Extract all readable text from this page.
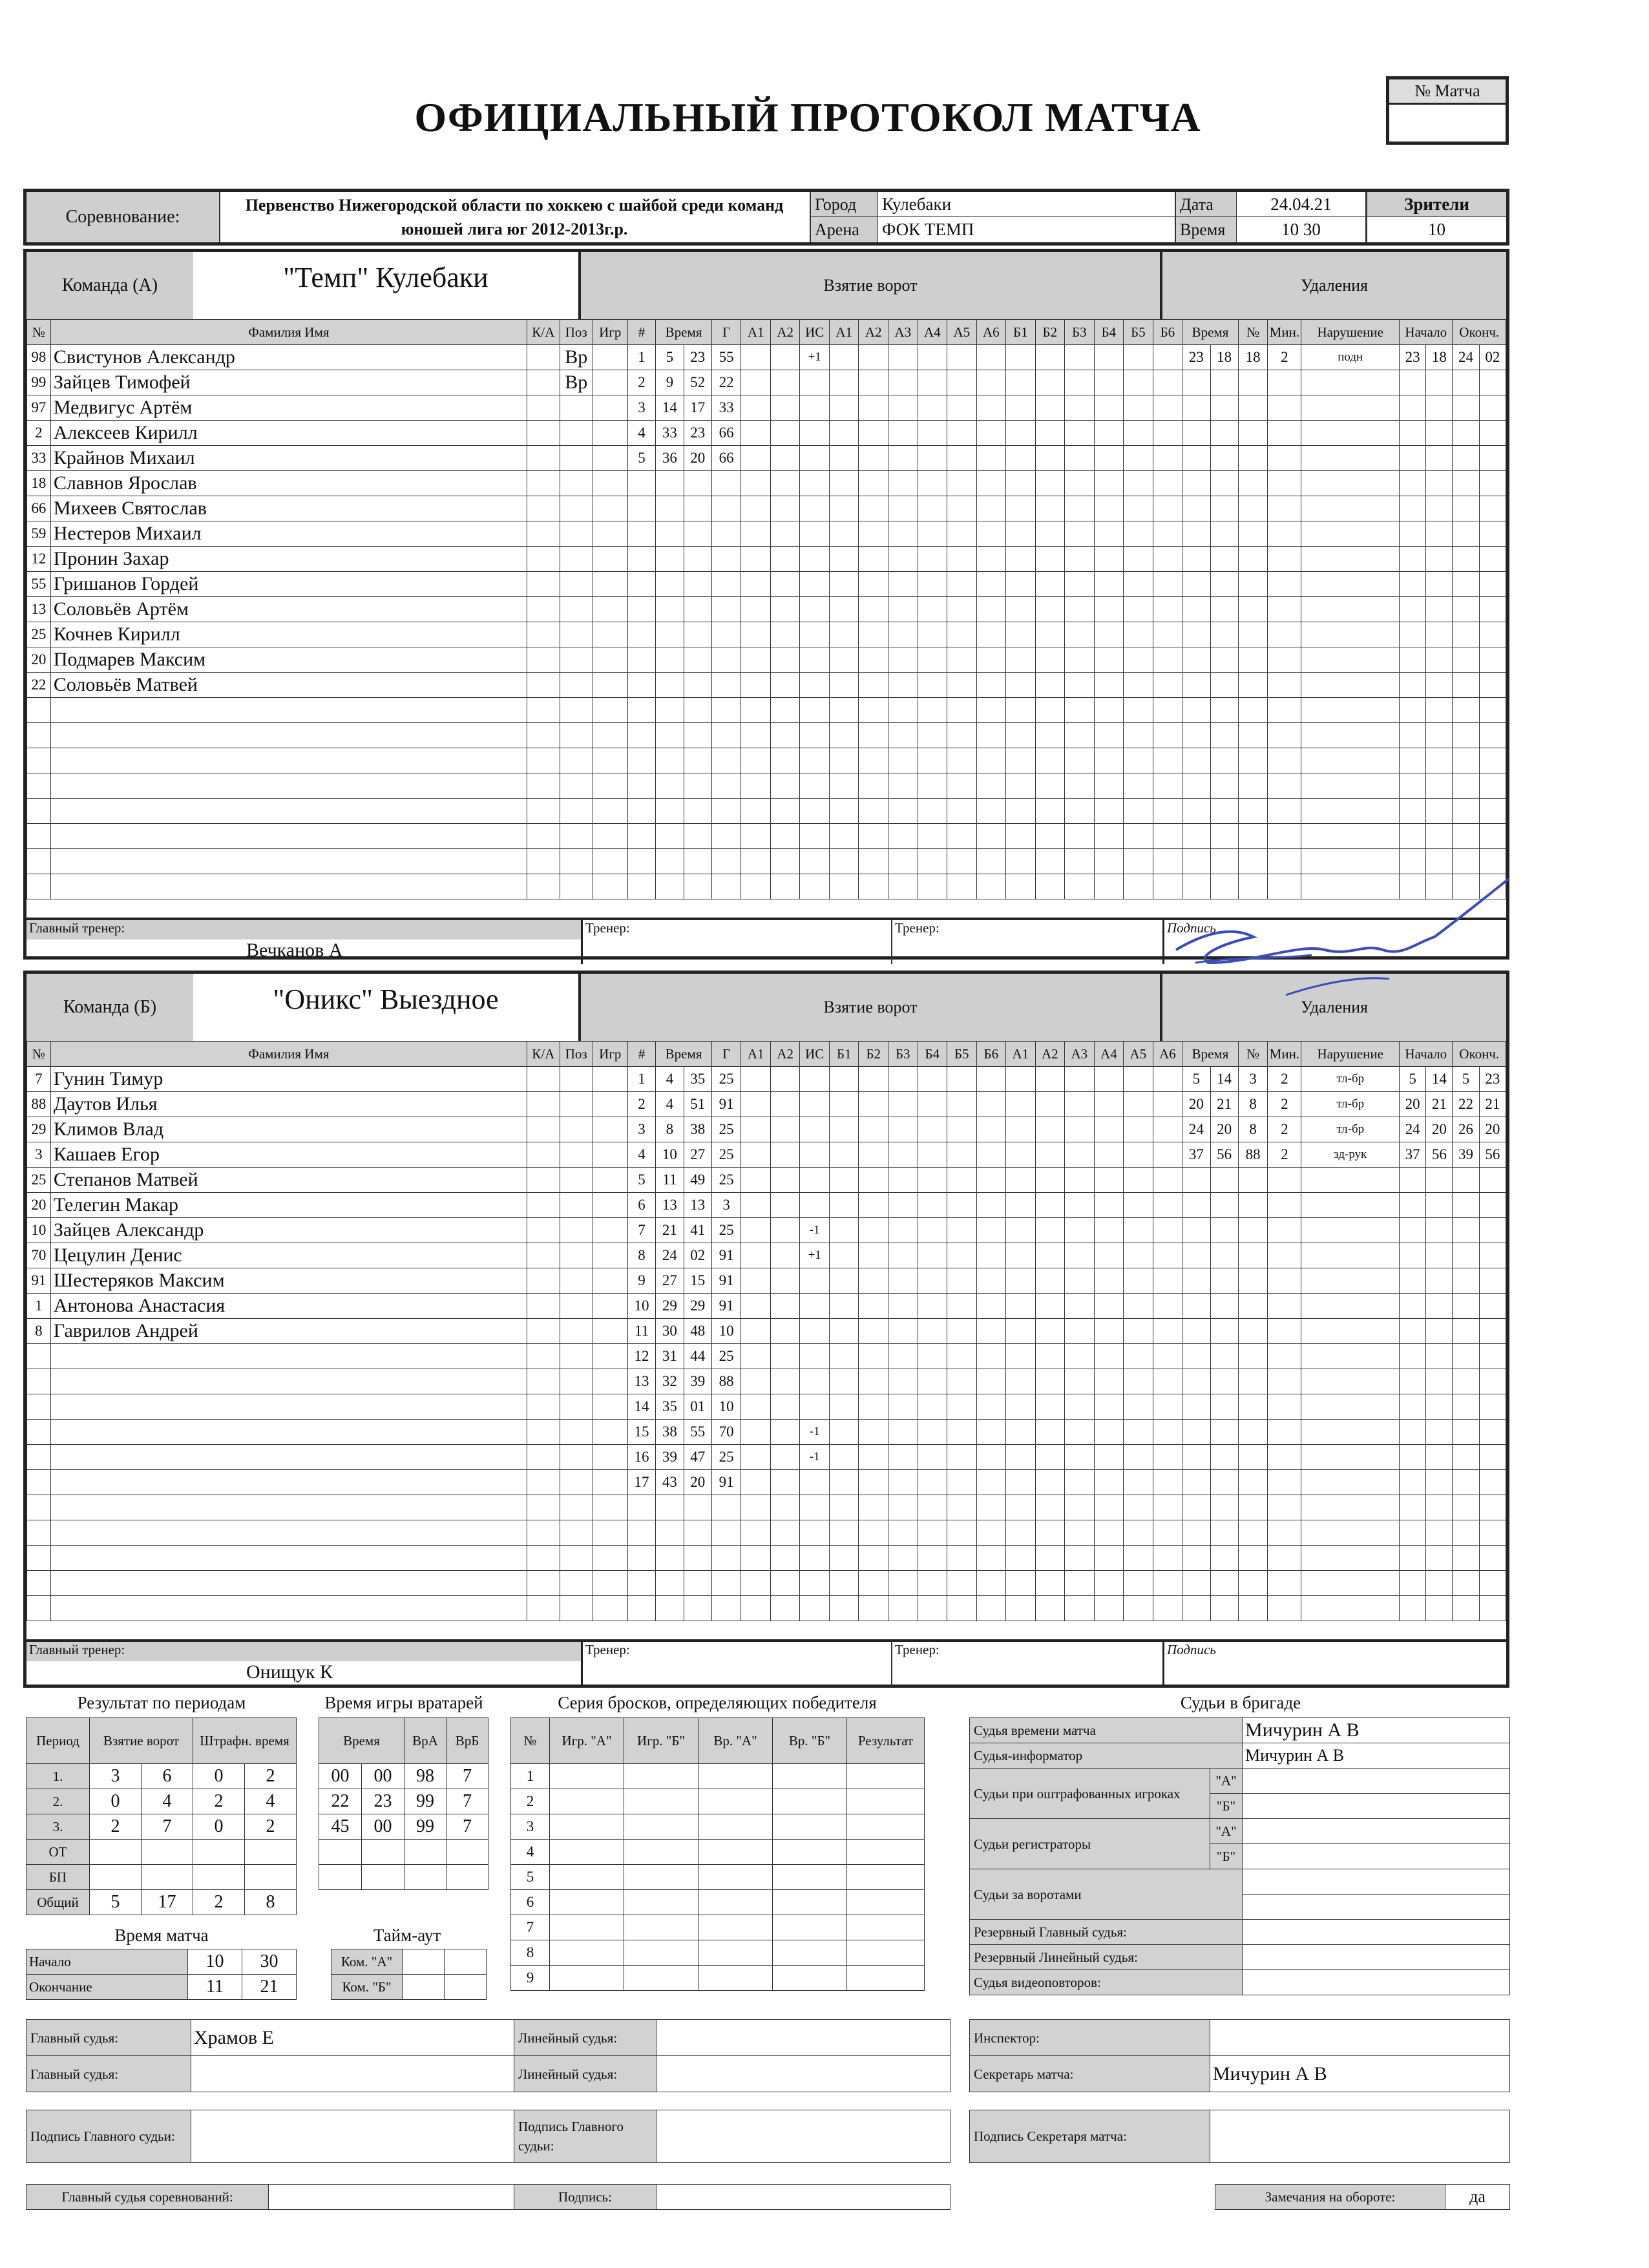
ОФИЦИАЛЬНЫЙ ПРОТОКОЛ МАТЧА
№ Матча
Соревнование:
Первенство Нижегородской области по хоккею с шайбой среди команд юношей лига юг 2012-2013г.р.
Город	Кулебаки
Арена	ФОК ТЕМП
Дата	24.04.21
Время	10 30
Зрители
10
Команда (А)	"Темп" Кулебаки	Взятие ворот	Удаления
№	Фамилия Имя	К/А	Поз	Игр	#	Время		Г	А1	А2	ИС	А1	А2	А3	А4	А5	А6	Б1	Б2	Б3	Б4	Б5	Б6	Время		№	Мин.	Нарушение	Начало		Оконч.	
98	Свистунов Александр		Вр		1	5	23	55			+1													23	18	18	2	подн	23	18	24	02
99	Зайцев Тимофей		Вр		2	9	52	22																								
97	Медвигус Артём				3	14	17	33																								
2	Алексеев Кирилл				4	33	23	66																								
33	Крайнов Михаил				5	36	20	66																								
18	Славнов Ярослав																															
66	Михеев Святослав																															
59	Нестеров Михаил																															
12	Пронин Захар																															
55	Гришанов Гордей																															
13	Соловьёв Артём																															
25	Кочнев Кирилл																															
20	Подмарев Максим																															
22	Соловьёв Матвей																															

Главный тренер:
Вечканов А
Тренер:	Тренер:	Подпись
Команда (Б)	"Оникс" Выездное	Взятие ворот	Удаления
№	Фамилия Имя	К/А	Поз	Игр	#	Время		Г	А1	А2	ИС	Б1	Б2	Б3	Б4	Б5	Б6	А1	А2	А3	А4	А5	А6	Время		№	Мин.	Нарушение	Начало		Оконч.	
7	Гунин Тимур				1	4	35	25																5	14	3	2	тл-бр	5	14	5	23
88	Даутов Илья				2	4	51	91																20	21	8	2	тл-бр	20	21	22	21
29	Климов Влад				3	8	38	25																24	20	8	2	тл-бр	24	20	26	20
3	Кашаев Егор				4	10	27	25																37	56	88	2	зд-рук	37	56	39	56
25	Степанов Матвей				5	11	49	25																								
20	Телегин Макар				6	13	13	3																								
10	Зайцев Александр				7	21	41	25			-1																					
70	Цецулин Денис				8	24	02	91			+1																					
91	Шестеряков Максим				9	27	15	91																								
1	Антонова Анастасия				10	29	29	91																								
8	Гаврилов Андрей				11	30	48	10																								
					12	31	44	25																								
					13	32	39	88																								
					14	35	01	10																								
					15	38	55	70			-1																					
					16	39	47	25			-1																					
					17	43	20	91																								

Главный тренер:
Онищук К
Тренер:	Тренер:	Подпись
Результат по периодам
Период	Взятие ворот		Штрафн. время	
1.	3	6	0	2
2.	0	4	2	4
3.	2	7	0	2
ОТ				
БП				
Общий	5	17	2	8
Время игры вратарей
Время		ВрА	ВрБ
00	00	98	7
22	23	99	7
45	00	99	7

Серия бросков, определяющих победителя
№	Игр. "А"	Игр. "Б"	Вр. "А"	Вр. "Б"	Результат
1					
2					
3					
4					
5					
6					
7					
8					
9					
Время матча
Начало	10	30
Окончание	11	21
Тайм-аут
Ком. "А"		
Ком. "Б"		
Судьи в бригаде
Судья времени матча		Мичурин А В
Судья-информатор		Мичурин А В
Судьи при оштрафованных игроках	"А"	
	"Б"	
Судьи регистраторы	"А"	
	"Б"	
Судьи за воротами		

Резервный Главный судья:		
Резервный Линейный судья:		
Судья видеоповторов:		
Главный судья:	Храмов Е	Линейный судья:	
Главный судья:		Линейный судья:	
Инспектор:	
Секретарь матча:	Мичурин А В
Подпись Главного судьи:		Подпись Главного судьи:	
Подпись Секретаря матча:	
Главный судья соревнований:		Подпись:		Замечания на обороте:	да
